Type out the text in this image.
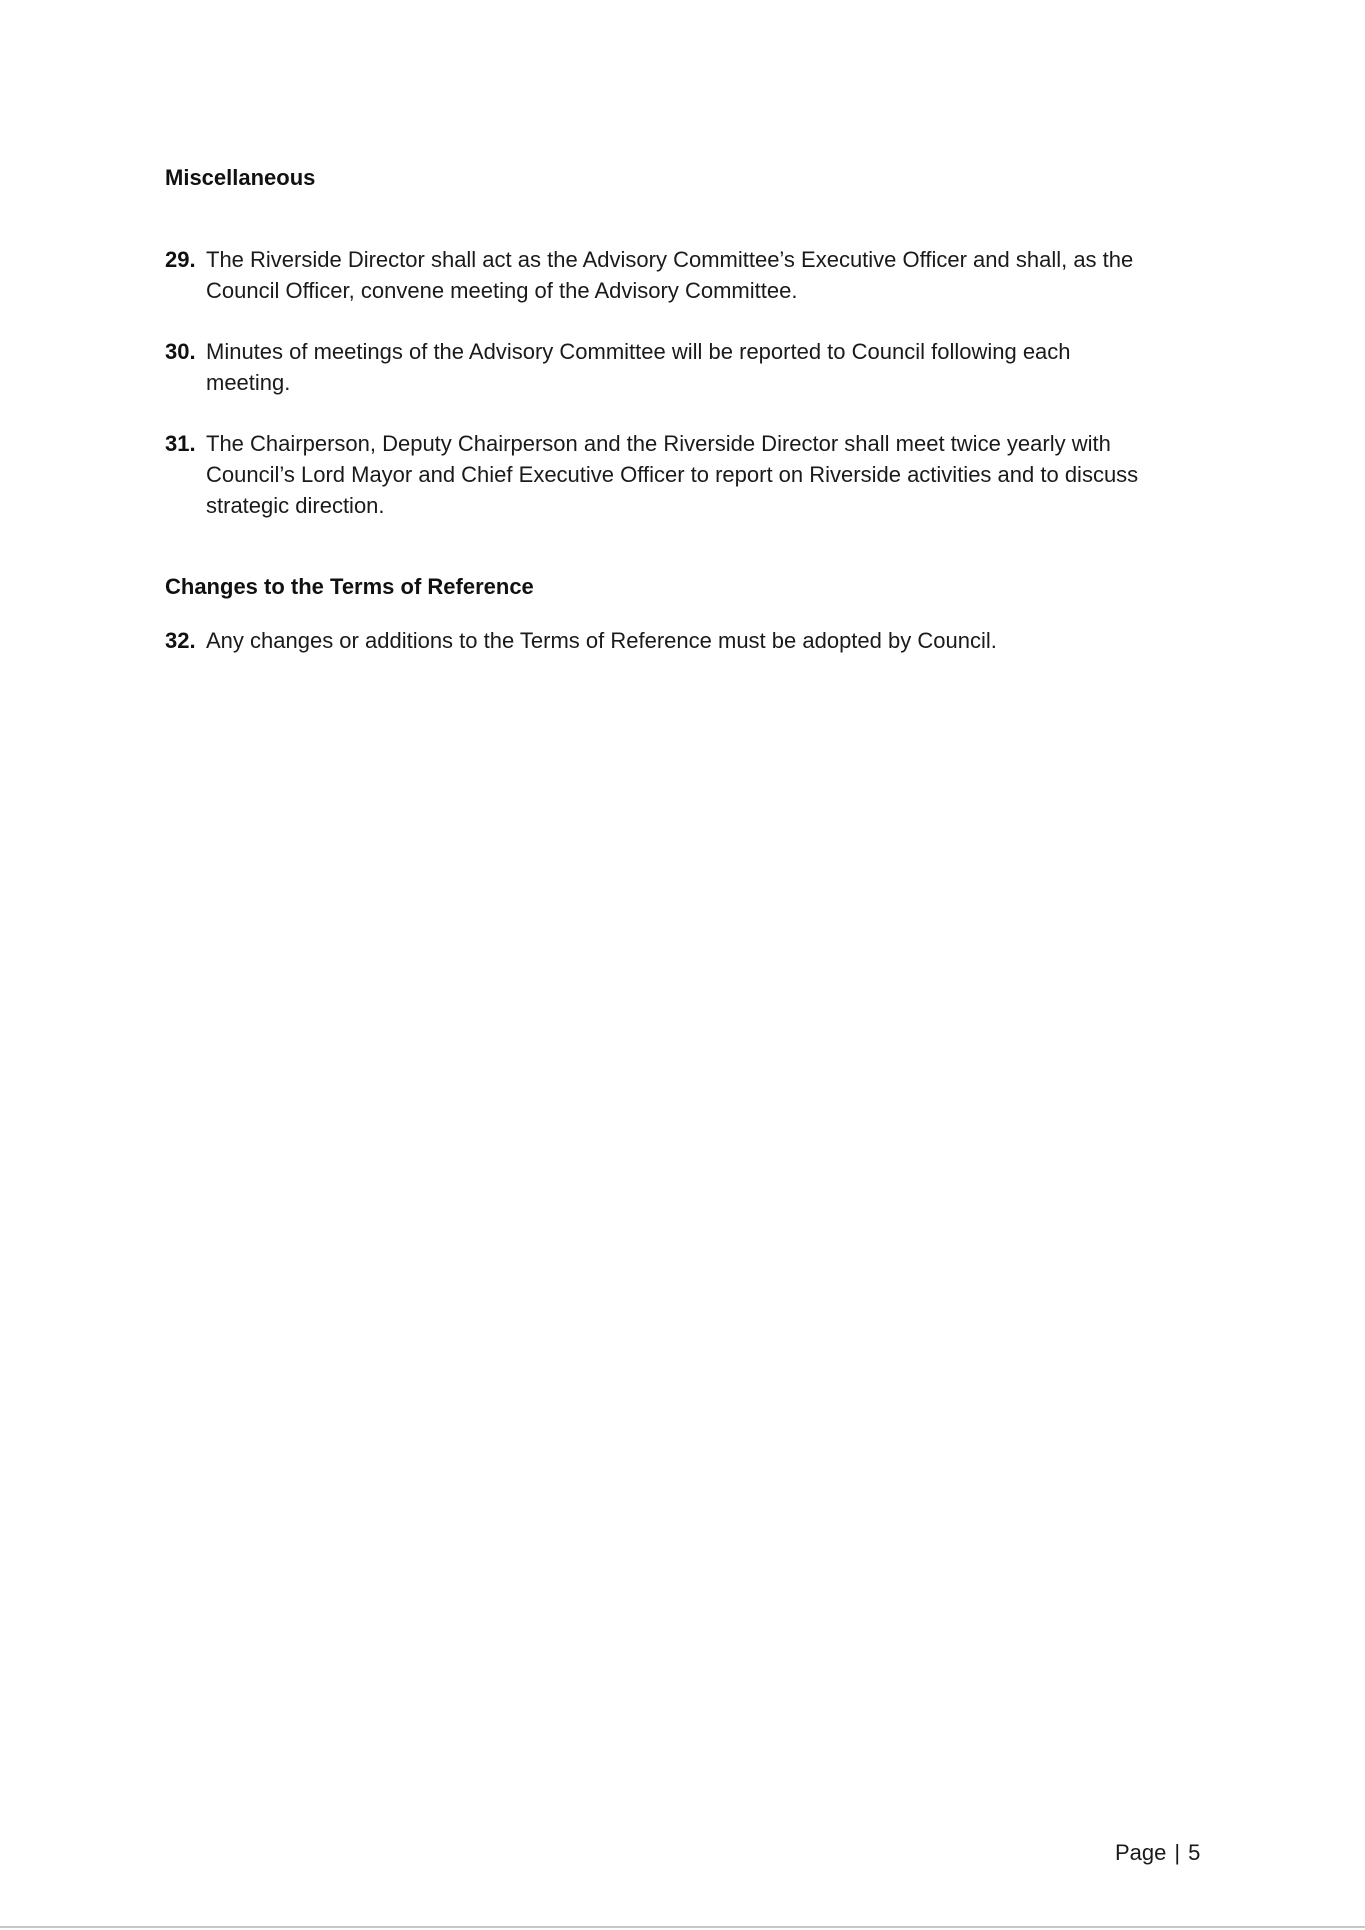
Miscellaneous
29. The Riverside Director shall act as the Advisory Committee’s Executive Officer and shall, as the
Council Officer, convene meeting of the Advisory Committee.
30. Minutes of meetings of the Advisory Committee will be reported to Council following each
meeting.
31. The Chairperson, Deputy Chairperson and the Riverside Director shall meet twice yearly with
Council’s Lord Mayor and Chief Executive Officer to report on Riverside activities and to discuss
strategic direction.
Changes to the Terms of Reference
32. Any changes or additions to the Terms of Reference must be adopted by Council.
Page | 5
